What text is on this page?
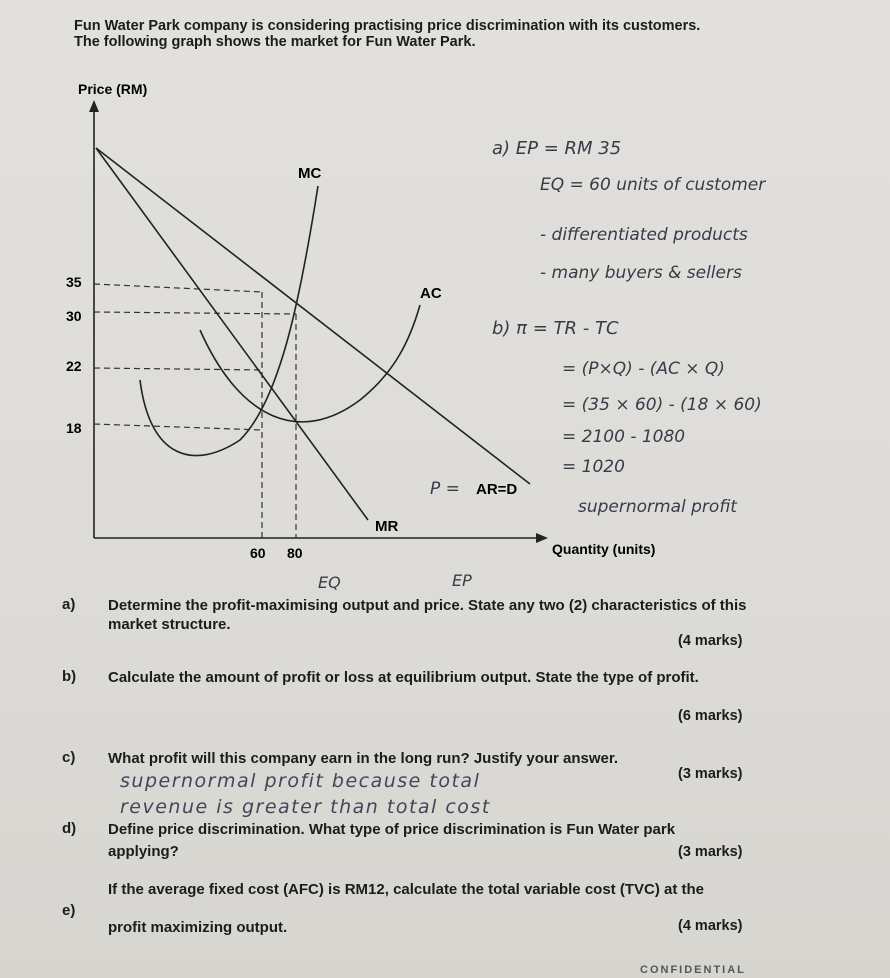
Fun Water Park company is considering practising price discrimination with its customers.
The following graph shows the market for Fun Water Park.
Price (RM)
Quantity (units)
35
30
22
18
60 80
MC
AC
AR=D
MR
P =
EQ	EP
a) EP = RM 35
EQ = 60 units of customer
- differentiated products
- many buyers & sellers
b) π = TR - TC
= (P×Q) - (AC × Q)
= (35 × 60) - (18 × 60)
= 2100 - 1080
= 1020
supernormal profit
a) Determine the profit-maximising output and price. State any two (2) characteristics of this market structure.
(4 marks)
b) Calculate the amount of profit or loss at equilibrium output. State the type of profit.
(6 marks)
c) What profit will this company earn in the long run? Justify your answer.
supernormal profit because total	(3 marks)
revenue is greater than total cost
d) Define price discrimination. What type of price discrimination is Fun Water park
applying?	(3 marks)
e)
If the average fixed cost (AFC) is RM12, calculate the total variable cost (TVC) at the
profit maximizing output.	(4 marks)
CONFIDENTIAL
